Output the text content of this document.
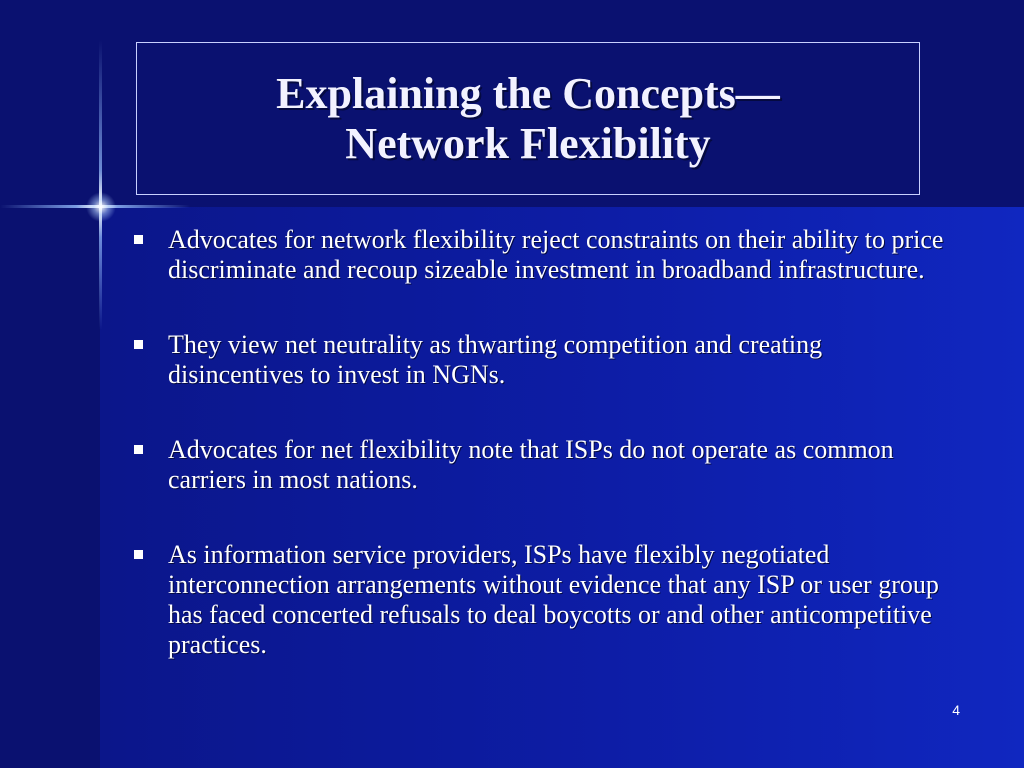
Explaining the Concepts—
Network Flexibility
Advocates for network flexibility reject constraints on their ability to price discriminate and recoup sizeable investment in broadband infrastructure.
They view net neutrality as thwarting competition and creating disincentives to invest in NGNs.
Advocates for net flexibility note that ISPs do not operate as common carriers in most nations.
As information service providers, ISPs have flexibly negotiated interconnection arrangements without evidence that any ISP or user group has faced concerted refusals to deal boycotts or and other anticompetitive practices.
4
